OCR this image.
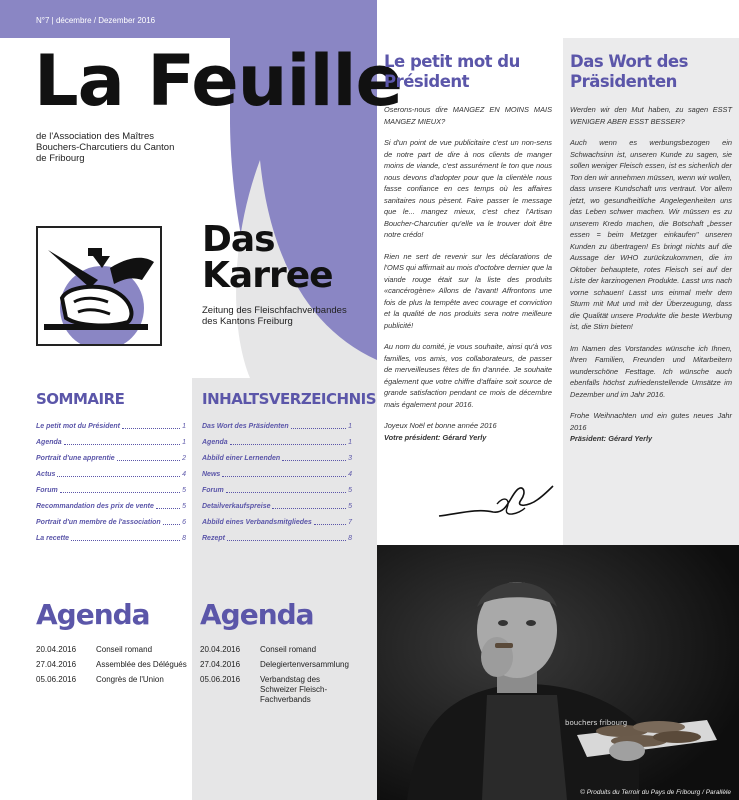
N°7 | décembre / Dezember 2016
La Feuille
de l'Association des Maîtres Bouchers-Charcutiers du Canton de Fribourg
Das Karree
Zeitung des Fleischfachverbandes des Kantons Freiburg
SOMMAIRE
Le petit mot du Président	1
Agenda	1
Portrait d'une apprentie	2
Actus	4
Forum	5
Recommandation des prix de vente	5
Portrait d'un membre de l'association	6
La recette	8
INHALTSVERZEICHNIS
Das Wort des Präsidenten	1
Agenda	1
Abbild einer Lernenden	3
News	4
Forum	5
Detailverkaufspreise	5
Abbild eines Verbandsmitgliedes	7
Rezept	8
Agenda
20.04.2016	Conseil romand
27.04.2016	Assemblée des Délégués
05.06.2016	Congrès de l'Union
Agenda
20.04.2016	Conseil romand
27.04.2016	Delegiertenversammlung
05.06.2016	Verbandstag des Schweizer Fleisch-Fachverbands
Le petit mot du Président

Oserons-nous dire MANGEZ EN MOINS MAIS MANGEZ MIEUX?

Si d'un point de vue publicitaire c'est un non-sens de notre part de dire à nos clients de manger moins de viande, c'est assurément le ton que nous nous devons d'adopter pour que la clientèle nous fasse confiance en ces temps où les affaires sanitaires nous pèsent. Faire passer le message que le... mangez mieux, c'est chez l'Artisan Boucher-Charcutier qu'elle va le trouver doit être notre crédo!

Rien ne sert de revenir sur les déclarations de l'OMS qui affirmait au mois d'octobre dernier que la viande rouge était sur la liste des produits «cancérogène» Allons de l'avant! Affrontons une fois de plus la tempête avec courage et conviction et la qualité de nos produits sera notre meilleure publicité!

Au nom du comité, je vous souhaite, ainsi qu'à vos familles, vos amis, vos collaborateurs, de passer de merveilleuses fêtes de fin d'année. Je souhaite également que votre chiffre d'affaire soit source de grande satisfaction pendant ce mois de décembre mais également pour 2016.

Joyeux Noël et bonne année 2016

Votre président: Gérard Yerly

Das Wort des Präsidenten

Werden wir den Mut haben, zu sagen ESST WENIGER ABER ESST BESSER?

Auch wenn es werbungsbezogen ein Schwachsinn ist, unseren Kunde zu sagen, sie sollen weniger Fleisch essen, ist es sicherlich der Ton den wir annehmen müssen, wenn wir wollen, dass unsere Kundschaft uns vertraut. Vor allem jetzt, wo gesundheitliche Angelegenheiten uns das Leben schwer machen. Wir müssen es zu unserem Kredo machen, die Botschaft „besser essen = beim Metzger einkaufen" unseren Kunden zu übertragen! Es bringt nichts auf die Aussage der WHO zurückzukommen, die im Oktober behauptete, rotes Fleisch sei auf der Liste der karzinogenen Produkte. Lasst uns nach vorne schauen! Lasst uns einmal mehr dem Sturm mit Mut und mit der Überzeugung, dass die Qualität unsere Produkte die beste Werbung ist, die Stirn bieten!

Im Namen des Vorstandes wünsche ich Ihnen, Ihren Familien, Freunden und Mitarbeitern wunderschöne Festtage. Ich wünsche auch ebenfalls höchst zufriedenstellende Umsätze im Dezember und im Jahr 2016.

Frohe Weihnachten und ein gutes neues Jahr 2016

Präsident: Gérard Yerly

bouchers fribourg
© Produits du Terroir du Pays de Fribourg / Parallèle
